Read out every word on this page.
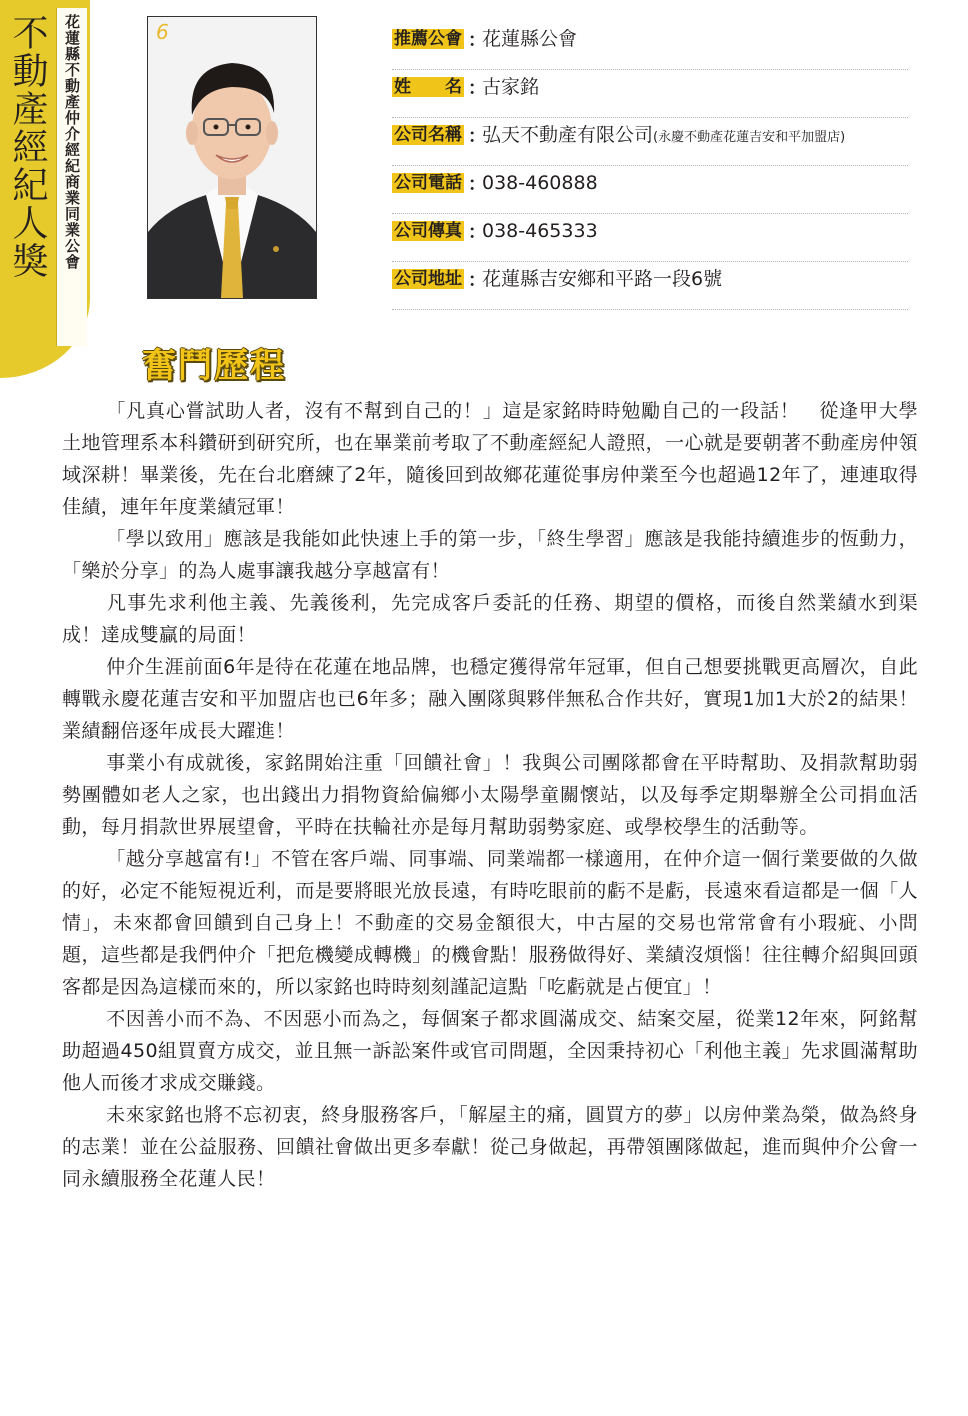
不動產經紀人獎 花蓮縣不動產仲介經紀商業同業公會	6	推薦公會 ：
花蓮縣公會
姓　　名 ：
古家銘
公司名稱 ：
弘天不動產有限公司(永慶不動產花蓮吉安和平加盟店)
公司電話 ：
038-460888
公司傳真 ：
038-465333
公司地址 ：
花蓮縣吉安鄉和平路一段6號
奮鬥歷程

「凡真心嘗試助人者，沒有不幫到自己的！」這是家銘時時勉勵自己的一段話！　從逢甲大學土地管理系本科鑽研到研究所，也在畢業前考取了不動產經紀人證照，一心就是要朝著不動產房仲領域深耕！畢業後，先在台北磨練了2年，隨後回到故鄉花蓮從事房仲業至今也超過12年了，連連取得佳績，連年年度業績冠軍！

「學以致用」應該是我能如此快速上手的第一步，「終生學習」應該是我能持續進步的恆動力，「樂於分享」的為人處事讓我越分享越富有！

凡事先求利他主義、先義後利，先完成客戶委託的任務、期望的價格，而後自然業績水到渠成！達成雙贏的局面！

仲介生涯前面6年是待在花蓮在地品牌，也穩定獲得常年冠軍，但自己想要挑戰更高層次，自此轉戰永慶花蓮吉安和平加盟店也已6年多；融入團隊與夥伴無私合作共好，實現1加1大於2的結果！業績翻倍逐年成長大躍進！

事業小有成就後，家銘開始注重「回饋社會」！我與公司團隊都會在平時幫助、及捐款幫助弱勢團體如老人之家，也出錢出力捐物資給偏鄉小太陽學童關懷站，以及每季定期舉辦全公司捐血活動，每月捐款世界展望會，平時在扶輪社亦是每月幫助弱勢家庭、或學校學生的活動等。

「越分享越富有!」不管在客戶端、同事端、同業端都一樣適用，在仲介這一個行業要做的久做的好，必定不能短視近利，而是要將眼光放長遠，有時吃眼前的虧不是虧，長遠來看這都是一個「人情」，未來都會回饋到自己身上！不動產的交易金額很大，中古屋的交易也常常會有小瑕疵、小問題，這些都是我們仲介「把危機變成轉機」的機會點！服務做得好、業績沒煩惱！往往轉介紹與回頭客都是因為這樣而來的，所以家銘也時時刻刻謹記這點「吃虧就是占便宜」！

不因善小而不為、不因惡小而為之，每個案子都求圓滿成交、結案交屋，從業12年來，阿銘幫助超過450組買賣方成交，並且無一訴訟案件或官司問題，全因秉持初心「利他主義」先求圓滿幫助他人而後才求成交賺錢。

未來家銘也將不忘初衷，終身服務客戶，「解屋主的痛，圓買方的夢」以房仲業為榮，做為終身的志業！並在公益服務、回饋社會做出更多奉獻！從己身做起，再帶領團隊做起，進而與仲介公會一同永續服務全花蓮人民！
